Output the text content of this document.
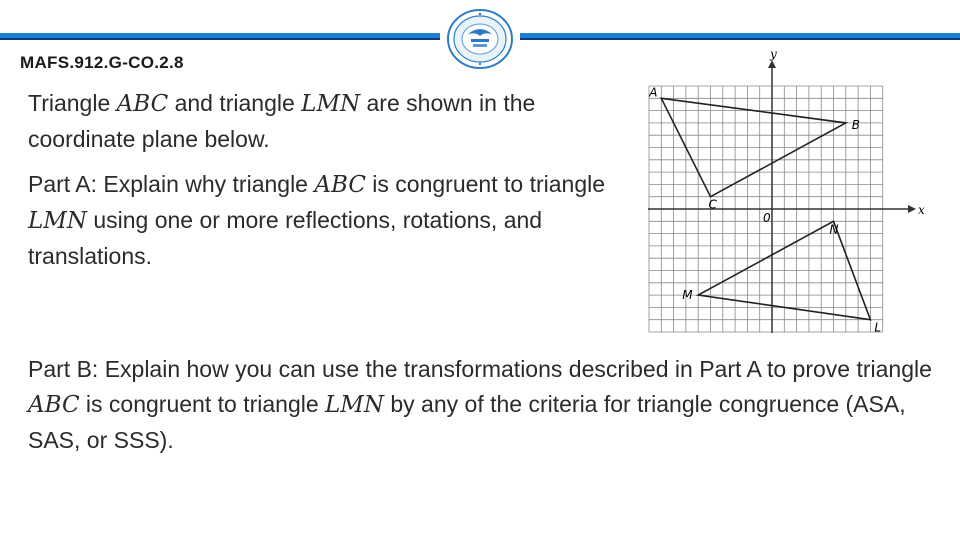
MAFS.912.G-CO.2.8

Triangle ABC and triangle LMN are shown in the coordinate plane below.

Part A: Explain why triangle ABC is congruent to triangle LMN using one or more reflections, rotations, and translations.

Part B: Explain how you can use the transformations described in Part A to prove triangle ABC is congruent to triangle LMN by any of the criteria for triangle congruence (ASA, SAS, or SSS).

x
y
0
A
B
C
L
M
N
